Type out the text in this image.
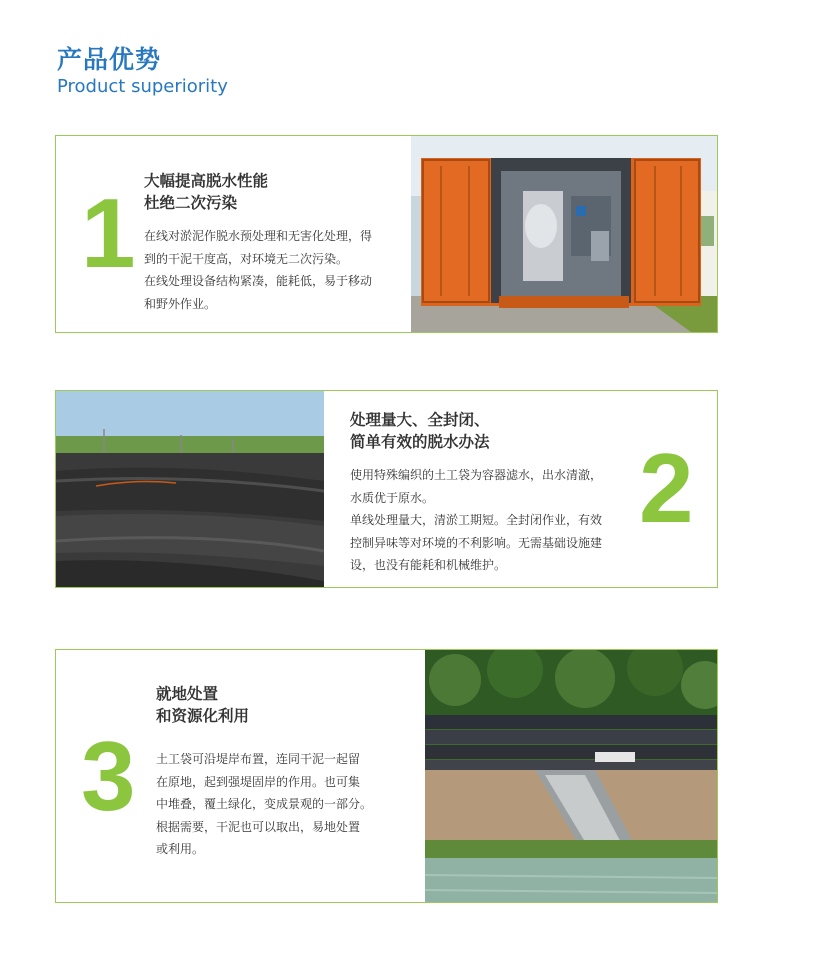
产品优势
Product superiority
1 大幅提高脱水性能
杜绝二次污染
在线对淤泥作脱水预处理和无害化处理，得
到的干泥干度高，对环境无二次污染。
在线处理设备结构紧凑，能耗低，易于移动
和野外作业。
处理量大、全封闭、
简单有效的脱水办法
使用特殊编织的土工袋为容器滤水，出水清澈，
水质优于原水。
单线处理量大，清淤工期短。全封闭作业，有效
控制异味等对环境的不利影响。无需基础设施建
设，也没有能耗和机械维护。
2
就地处置
和资源化利用
3 土工袋可沿堤岸布置，连同干泥一起留
在原地，起到强堤固岸的作用。也可集
中堆叠，覆土绿化，变成景观的一部分。
根据需要，干泥也可以取出，易地处置
或利用。
